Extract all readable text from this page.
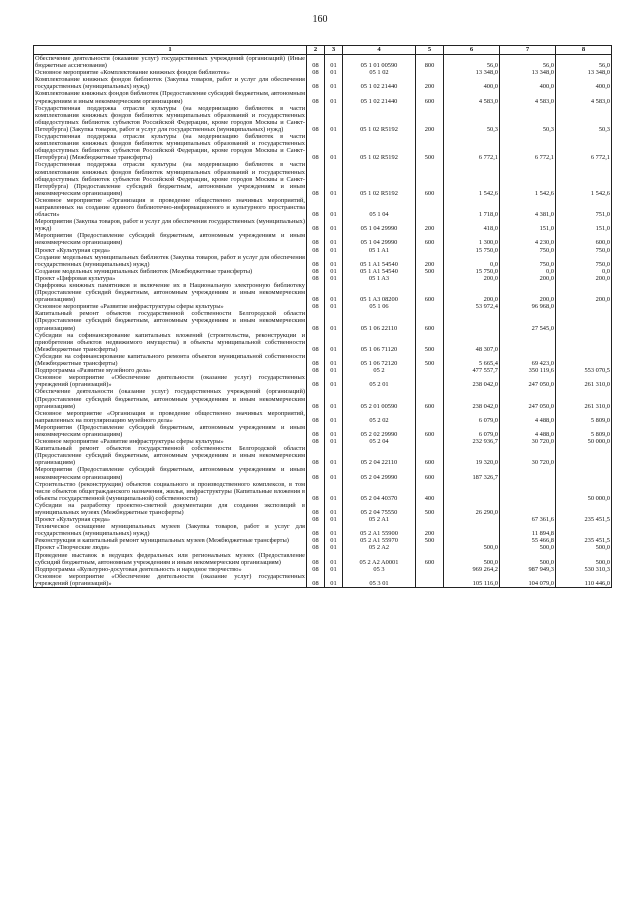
160
1	2	3	4	5	6	7	8
Обеспечение деятельности (оказание услуг) государственных учреждений (организаций) (Иные бюджетные ассигнования)	08	01	05 1 01 00590	800	56,0	56,0	56,0
Основное мероприятие «Комплектование книжных фондов библиотек»	08	01	05 1 02		13 348,0	13 348,0	13 348,0
Комплектование книжных фондов библиотек (Закупка товаров, работ и услуг для обеспечения государственных (муниципальных) нужд)	08	01	05 1 02 21440	200	400,0	400,0	400,0
Комплектование книжных фондов библиотек (Предоставление субсидий бюджетным, автономным учреждениям и иным некоммерческим организациям)	08	01	05 1 02 21440	600	4 583,0	4 583,0	4 583,0
Государственная поддержка отрасли культуры (на модернизацию библиотек в части комплектования книжных фондов библиотек муниципальных образований и государственных общедоступных библиотек субъектов Российской Федерации, кроме городов Москвы и Санкт-Петербурга) (Закупка товаров, работ и услуг для государственных (муниципальных) нужд)	08	01	05 1 02 R5192	200	50,3	50,3	50,3
Государственная поддержка отрасли культуры (на модернизацию библиотек в части комплектования книжных фондов библиотек муниципальных образований и государственных общедоступных библиотек субъектов Российской Федерации, кроме городов Москвы и Санкт-Петербурга) (Межбюджетные трансферты)	08	01	05 1 02 R5192	500	6 772,1	6 772,1	6 772,1
Государственная поддержка отрасли культуры (на модернизацию библиотек в части комплектования книжных фондов библиотек муниципальных образований и государственных общедоступных библиотек субъектов Российской Федерации, кроме городов Москвы и Санкт-Петербурга) (Предоставление субсидий бюджетным, автономным учреждениям и иным некоммерческим организациям)	08	01	05 1 02 R5192	600	1 542,6	1 542,6	1 542,6
Основное мероприятие «Организация и проведение общественно значимых мероприятий, направленных на создание единого библиотечно-информационного и культурного пространства области»	08	01	05 1 04		1 718,0	4 381,0	751,0
Мероприятия (Закупка товаров, работ и услуг для обеспечения государственных (муниципальных) нужд)	08	01	05 1 04 29990	200	418,0	151,0	151,0
Мероприятия (Предоставление субсидий бюджетным, автономным учреждениям и иным некоммерческим организациям)	08	01	05 1 04 29990	600	1 300,0	4 230,0	600,0
Проект «Культурная среда»	08	01	05 1 A1		15 750,0	750,0	750,0
Создание модельных муниципальных библиотек (Закупка товаров, работ и услуг для обеспечения государственных (муниципальных) нужд)	08	01	05 1 A1 54540	200	0,0	750,0	750,0
Создание модельных муниципальных библиотек (Межбюджетные трансферты)	08	01	05 1 A1 54540	500	15 750,0	0,0	0,0
Проект «Цифровая культура»	08	01	05 1 A3		200,0	200,0	200,0
Оцифровка книжных памятников и включение их в Национальную электронную библиотеку (Предоставление субсидий бюджетным, автономным учреждениям и иным некоммерческим организациям)	08	01	05 1 A3 08200	600	200,0	200,0	200,0
Основное мероприятие «Развитие инфраструктуры сферы культуры»	08	01	05 1 06		53 972,4	96 968,0	
Капитальный ремонт объектов государственной собственности Белгородской области (Предоставление субсидий бюджетным, автономным учреждениям и иным некоммерческим организациям)	08	01	05 1 06 22110	600		27 545,0	
Субсидии на софинансирование капитальных вложений (строительства, реконструкции и приобретения объектов недвижимого имущества) в объекты муниципальной собственности (Межбюджетные трансферты)	08	01	05 1 06 71120	500	48 307,0		
Субсидии на софинансирование капитального ремонта объектов муниципальной собственности (Межбюджетные трансферты)	08	01	05 1 06 72120	500	5 665,4	69 423,0	
Подпрограмма «Развитие музейного дела»	08	01	05 2		477 557,7	350 119,6	553 070,5
Основное мероприятие «Обеспечение деятельности (оказание услуг) государственных учреждений (организаций)»	08	01	05 2 01		238 042,0	247 050,0	261 310,0
Обеспечение деятельности (оказание услуг) государственных учреждений (организаций) (Предоставление субсидий бюджетным, автономным учреждениям и иным некоммерческим организациям)	08	01	05 2 01 00590	600	238 042,0	247 050,0	261 310,0
Основное мероприятие «Организация и проведение общественно значимых мероприятий, направленных на популяризацию музейного дела»	08	01	05 2 02		6 079,0	4 488,0	5 809,0
Мероприятия (Предоставление субсидий бюджетным, автономным учреждениям и иным некоммерческим организациям)	08	01	05 2 02 29990	600	6 079,0	4 488,0	5 809,0
Основное мероприятие «Развитие инфраструктуры сферы культуры»	08	01	05 2 04		232 936,7	30 720,0	50 000,0
Капитальный ремонт объектов государственной собственности Белгородской области (Предоставление субсидий бюджетным, автономным учреждениям и иным некоммерческим организациям)	08	01	05 2 04 22110	600	19 320,0	30 720,0	
Мероприятия (Предоставление субсидий бюджетным, автономным учреждениям и иным некоммерческим организациям)	08	01	05 2 04 29990	600	187 326,7		
Строительство (реконструкция) объектов социального и производственного комплексов, в том числе объектов общегражданского назначения, жилья, инфраструктуры (Капитальные вложения в объекты государственной (муниципальной) собственности)	08	01	05 2 04 40370	400			50 000,0
Субсидии на разработку проектно-сметной документации для создания экспозиций в муниципальных музеях (Межбюджетные трансферты)	08	01	05 2 04 75550	500	26 290,0		
Проект «Культурная среда»	08	01	05 2 A1			67 361,6	235 451,5
Техническое оснащение муниципальных музеев (Закупка товаров, работ и услуг для государственных (муниципальных) нужд)	08	01	05 2 A1 55900	200		11 894,8	
Реконструкция и капитальный ремонт муниципальных музеев (Межбюджетные трансферты)	08	01	05 2 A1 55970	500		55 466,8	235 451,5
Проект «Творческие люди»	08	01	05 2 A2		500,0	500,0	500,0
Проведение выставок в ведущих федеральных или региональных музеях (Предоставление субсидий бюджетным, автономным учреждениям и иным некоммерческим организациям)	08	01	05 2 A2 A0001	600	500,0	500,0	500,0
Подпрограмма «Культурно-досуговая деятельность и народное творчество»	08	01	05 3		969 264,2	987 949,3	530 310,3
Основное мероприятие «Обеспечение деятельности (оказание услуг) государственных учреждений (организаций)»	08	01	05 3 01		105 116,0	104 079,0	110 446,0
